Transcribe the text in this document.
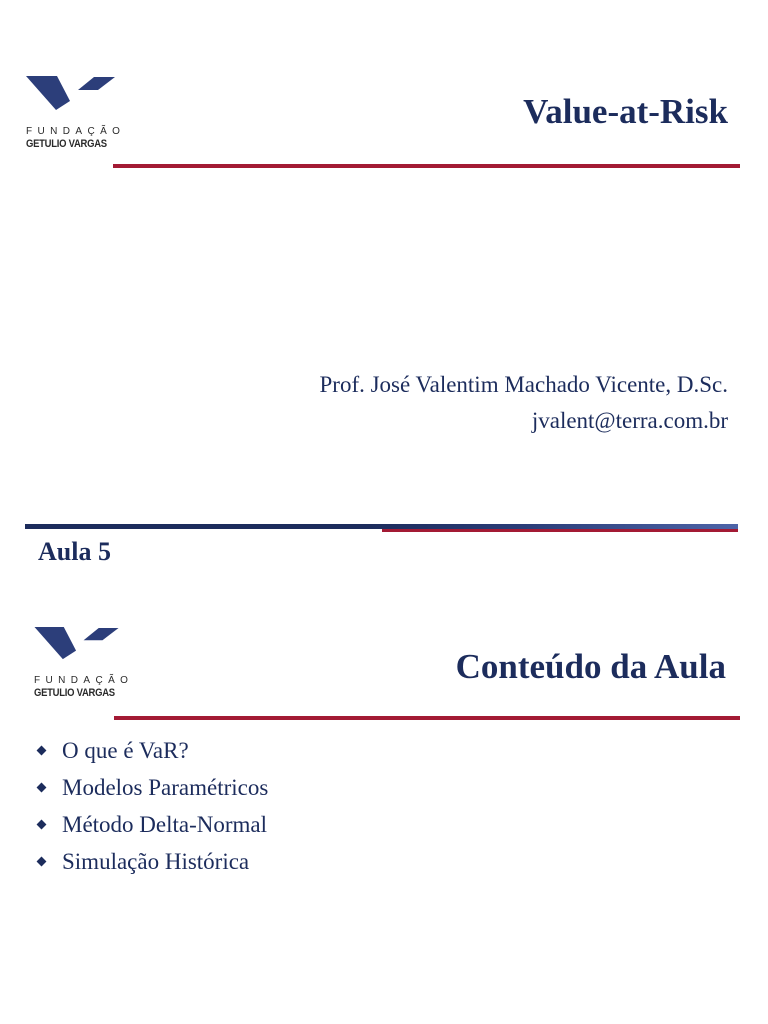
FUNDAÇÃO
GETULIO VARGAS
Value-at-Risk
Prof. José Valentim Machado Vicente, D.Sc.
jvalent@terra.com.br
Aula 5
FUNDAÇÃO
GETULIO VARGAS
Conteúdo da Aula
O que é VaR?
Modelos Paramétricos
Método Delta-Normal
Simulação Histórica
